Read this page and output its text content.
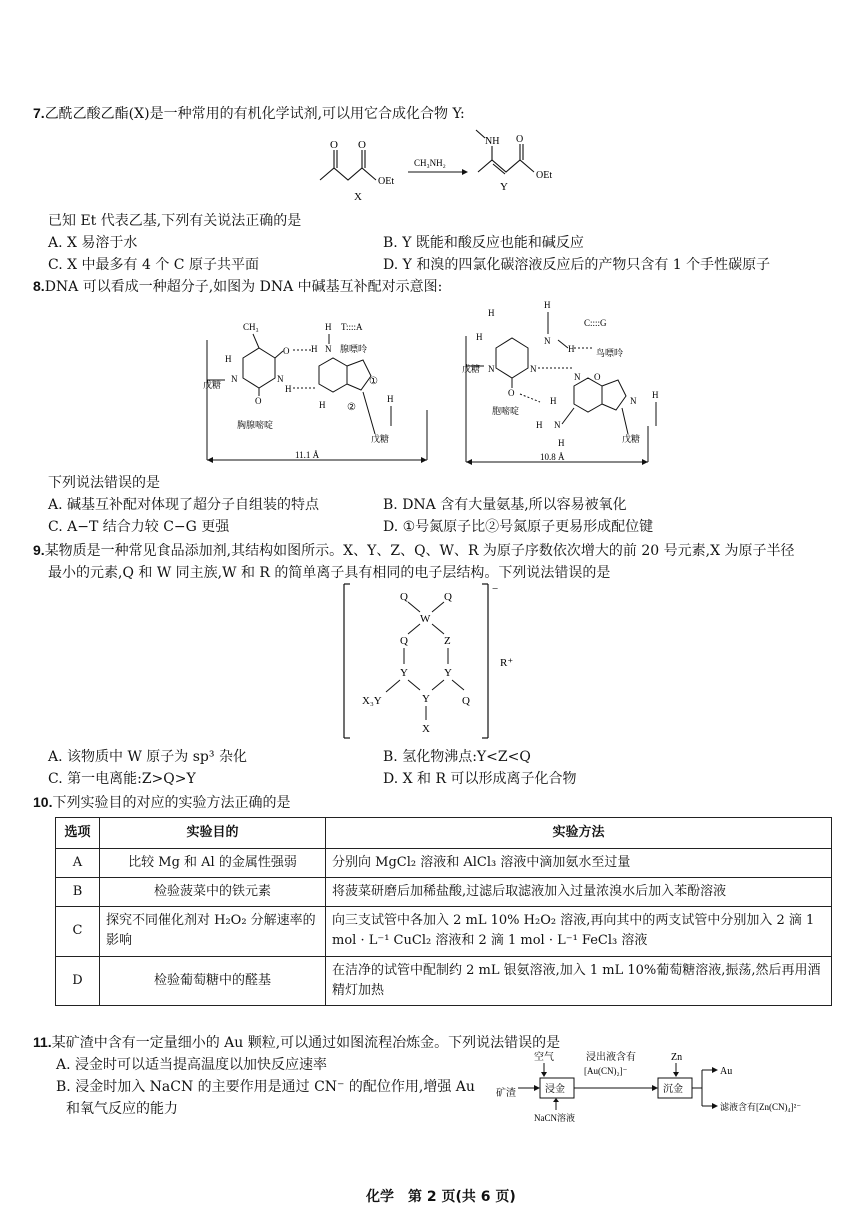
7.乙酰乙酸乙酯(X)是一种常用的有机化学试剂,可以用它合成化合物 Y:
O O
OEt
X
CH₃NH₂
NH O
OEt
Y
已知 Et 代表乙基,下列有关说法正确的是
A. X 易溶于水	B. Y 既能和酸反应也能和碱反应
C. X 中最多有 4 个 C 原子共平面	D. Y 和溴的四氯化碳溶液反应后的产物只含有 1 个手性碳原子
8.DNA 可以看成一种超分子,如图为 DNA 中碱基互补配对示意图:
CH₃	T::::A
H
N	N
O
O
H
戊糖
胸腺嘧啶
H N
H
腺嘌呤
①
②
H
H
戊糖
11.1 Å
H
N
C::::G
H
H
N	N
O
H
戊糖
胞嘧啶
鸟嘌呤
O
N
H
N
H
H
N
H
戊糖
10.8 Å
下列说法错误的是
A. 碱基互补配对体现了超分子自组装的特点	B. DNA 含有大量氨基,所以容易被氧化
C. A−T 结合力较 C−G 更强	D. ①号氮原子比②号氮原子更易形成配位键
9.某物质是一种常见食品添加剂,其结构如图所示。X、Y、Z、Q、W、R 为原子序数依次增大的前 20 号元素,X 为原子半径
最小的元素,Q 和 W 同主族,W 和 R 的简单离子具有相同的电子层结构。下列说法错误的是
−
R⁺
Q	Q
W
Q	Z
Y	Y
Y
X
X₃Y	Q
A. 该物质中 W 原子为 sp³ 杂化	B. 氢化物沸点:Y<Z<Q
C. 第一电离能:Z>Q>Y	D. X 和 R 可以形成离子化合物
10.下列实验目的对应的实验方法正确的是
选项	实验目的	实验方法
A	比较 Mg 和 Al 的金属性强弱	分别向 MgCl₂ 溶液和 AlCl₃ 溶液中滴加氨水至过量
B	检验菠菜中的铁元素	将菠菜研磨后加稀盐酸,过滤后取滤液加入过量浓溴水后加入苯酚溶液
C	探究不同催化剂对 H₂O₂ 分解速率的影响	向三支试管中各加入 2 mL 10% H₂O₂ 溶液,再向其中的两支试管中分别加入 2 滴 1 mol · L⁻¹ CuCl₂ 溶液和 2 滴 1 mol · L⁻¹ FeCl₃ 溶液
D	检验葡萄糖中的醛基	在洁净的试管中配制约 2 mL 银氨溶液,加入 1 mL 10%葡萄糖溶液,振荡,然后再用酒精灯加热
11.某矿渣中含有一定量细小的 Au 颗粒,可以通过如图流程冶炼金。下列说法错误的是
A. 浸金时可以适当提高温度以加快反应速率
B. 浸金时加入 NaCN 的主要作用是通过 CN⁻ 的配位作用,增强 Au
和氧气反应的能力
空气	浸出液含有
[Au(CN)₂]⁻
Zn
矿渣	浸金	沉金
Au
滤液含有[Zn(CN)₄]²⁻
NaCN溶液
化学　第 2 页(共 6 页)
